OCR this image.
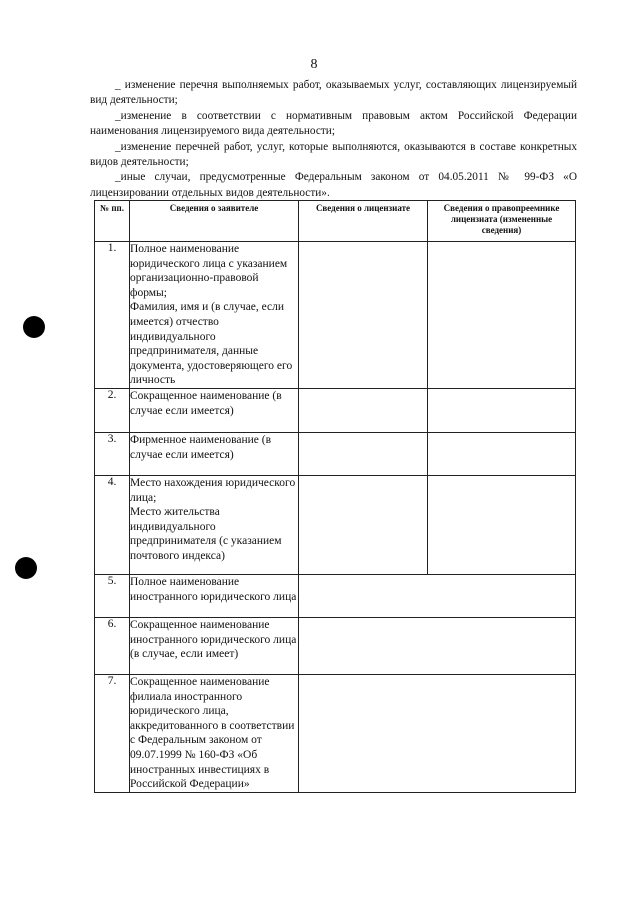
8

_ изменение перечня выполняемых работ, оказываемых услуг, составляющих лицензируемый вид деятельности;

_изменение в соответствии с нормативным правовым актом Российской Федерации наименования лицензируемого вида деятельности;

_изменение перечней работ, услуг, которые выполняются, оказываются в составе конкретных видов деятельности;

_иные случаи, предусмотренные Федеральным законом от 04.05.2011 № 99-ФЗ «О лицензировании отдельных видов деятельности».

№ пп.	Сведения о заявителе	Сведения о лицензиате	Сведения о правопреемнике лицензиата (измененные сведения)
1.	Полное наименование юридического лица с указанием организационно-правовой формы;
Фамилия, имя и (в случае, если имеется) отчество индивидуального предпринимателя, данные документа, удостоверяющего его личность		

2.	Сокращенное наименование (в случае если имеется)		

3.	Фирменное наименование (в случае если имеется)		

4.	Место нахождения юридического лица;
Место жительства индивидуального предпринимателя (с указанием почтового индекса)		

5.	Полное наименование иностранного юридического лица		

6.	Сокращенное наименование иностранного юридического лица (в случае, если имеет)		

7.	Сокращенное наименование филиала иностранного юридического лица, аккредитованного в соответствии с Федеральным законом от 09.07.1999 № 160-ФЗ «Об иностранных инвестициях в Российской Федерации»		
